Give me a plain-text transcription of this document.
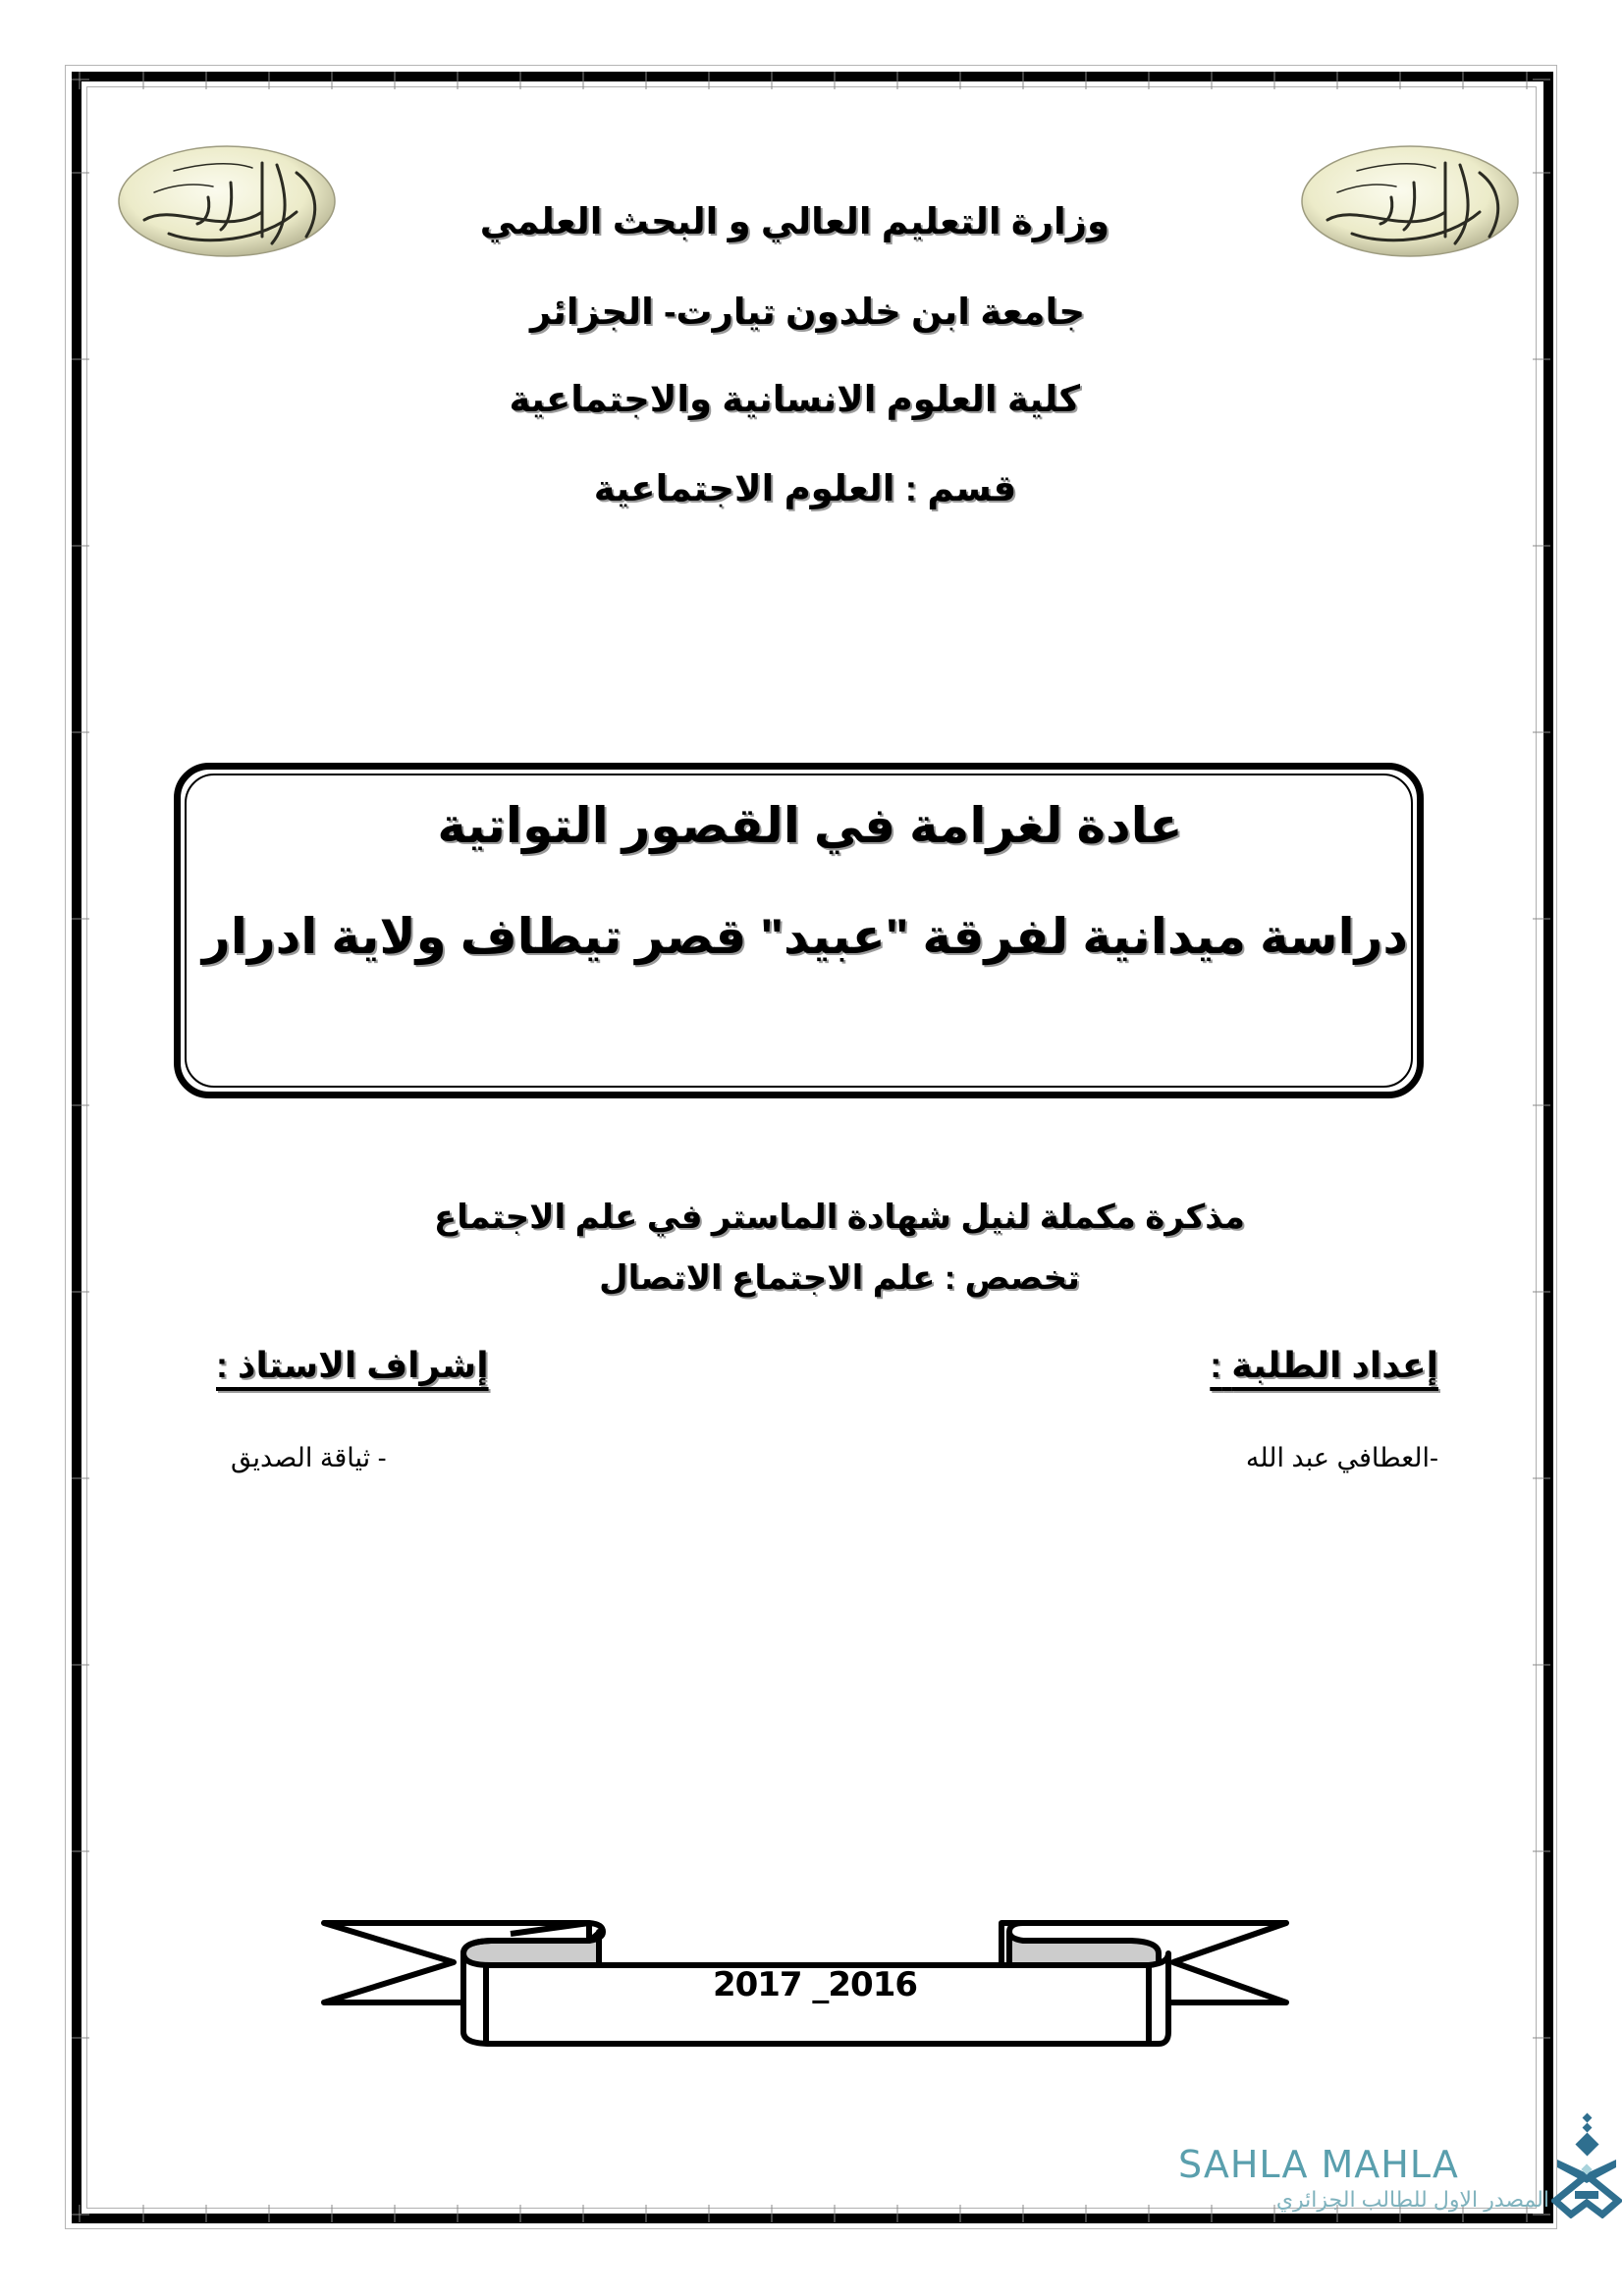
وزارة التعليم العالي و البحث العلمي
جامعة ابن خلدون تيارت- الجزائر
كلية العلوم الانسانية والاجتماعية
قسم : العلوم الاجتماعية
عادة لغرامة في القصور التواتية
دراسة ميدانية لفرقة "عبيد" قصر تيطاف ولاية ادرار
مذكرة مكملة لنيل شهادة الماستر في علم الاجتماع
تخصص : علم الاجتماع الاتصال
إعداد الطلبة :
إشراف الاستاذ :
-العطافي عبد الله
- ثياقة الصديق
2017 _2016
SAHLA MAHLA
المصدر الاول للطالب الجزائري
